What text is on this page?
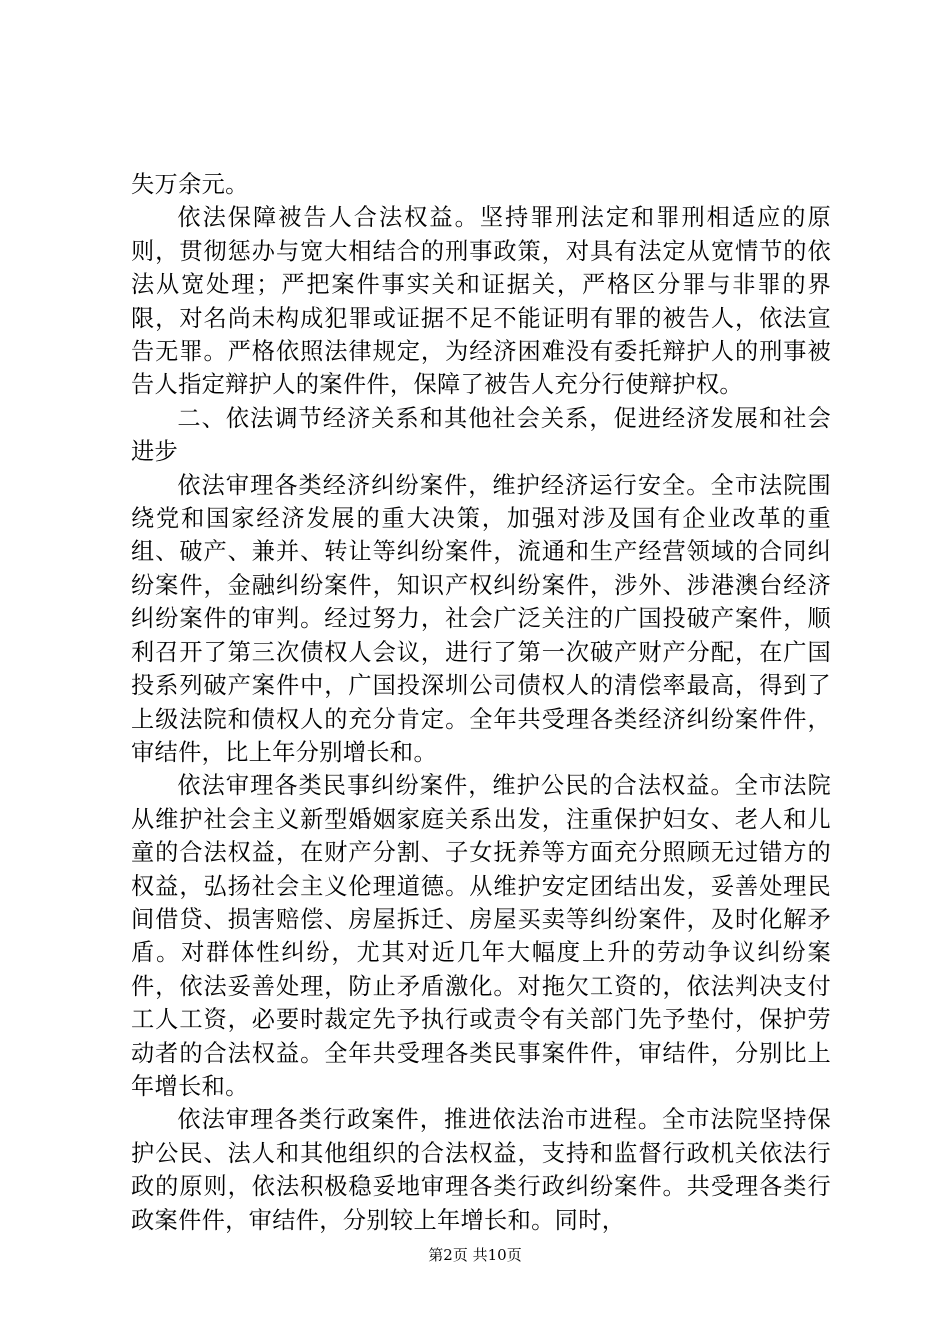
失万余元。

依法保障被告人合法权益。坚持罪刑法定和罪刑相适应的原则，贯彻惩办与宽大相结合的刑事政策，对具有法定从宽情节的依法从宽处理；严把案件事实关和证据关，严格区分罪与非罪的界限，对名尚未构成犯罪或证据不足不能证明有罪的被告人，依法宣告无罪。严格依照法律规定，为经济困难没有委托辩护人的刑事被告人指定辩护人的案件件，保障了被告人充分行使辩护权。

二、依法调节经济关系和其他社会关系，促进经济发展和社会进步

依法审理各类经济纠纷案件，维护经济运行安全。全市法院围绕党和国家经济发展的重大决策，加强对涉及国有企业改革的重组、破产、兼并、转让等纠纷案件，流通和生产经营领域的合同纠纷案件，金融纠纷案件，知识产权纠纷案件，涉外、涉港澳台经济纠纷案件的审判。经过努力，社会广泛关注的广国投破产案件，顺利召开了第三次债权人会议，进行了第一次破产财产分配，在广国投系列破产案件中，广国投深圳公司债权人的清偿率最高，得到了上级法院和债权人的充分肯定。全年共受理各类经济纠纷案件件，审结件，比上年分别增长和。

依法审理各类民事纠纷案件，维护公民的合法权益。全市法院从维护社会主义新型婚姻家庭关系出发，注重保护妇女、老人和儿童的合法权益，在财产分割、子女抚养等方面充分照顾无过错方的权益，弘扬社会主义伦理道德。从维护安定团结出发，妥善处理民间借贷、损害赔偿、房屋拆迁、房屋买卖等纠纷案件，及时化解矛盾。对群体性纠纷，尤其对近几年大幅度上升的劳动争议纠纷案件，依法妥善处理，防止矛盾激化。对拖欠工资的，依法判决支付工人工资，必要时裁定先予执行或责令有关部门先予垫付，保护劳动者的合法权益。全年共受理各类民事案件件，审结件，分别比上年增长和。

依法审理各类行政案件，推进依法治市进程。全市法院坚持保护公民、法人和其他组织的合法权益，支持和监督行政机关依法行政的原则，依法积极稳妥地审理各类行政纠纷案件。共受理各类行政案件件，审结件，分别较上年增长和。同时，

第2页 共10页
